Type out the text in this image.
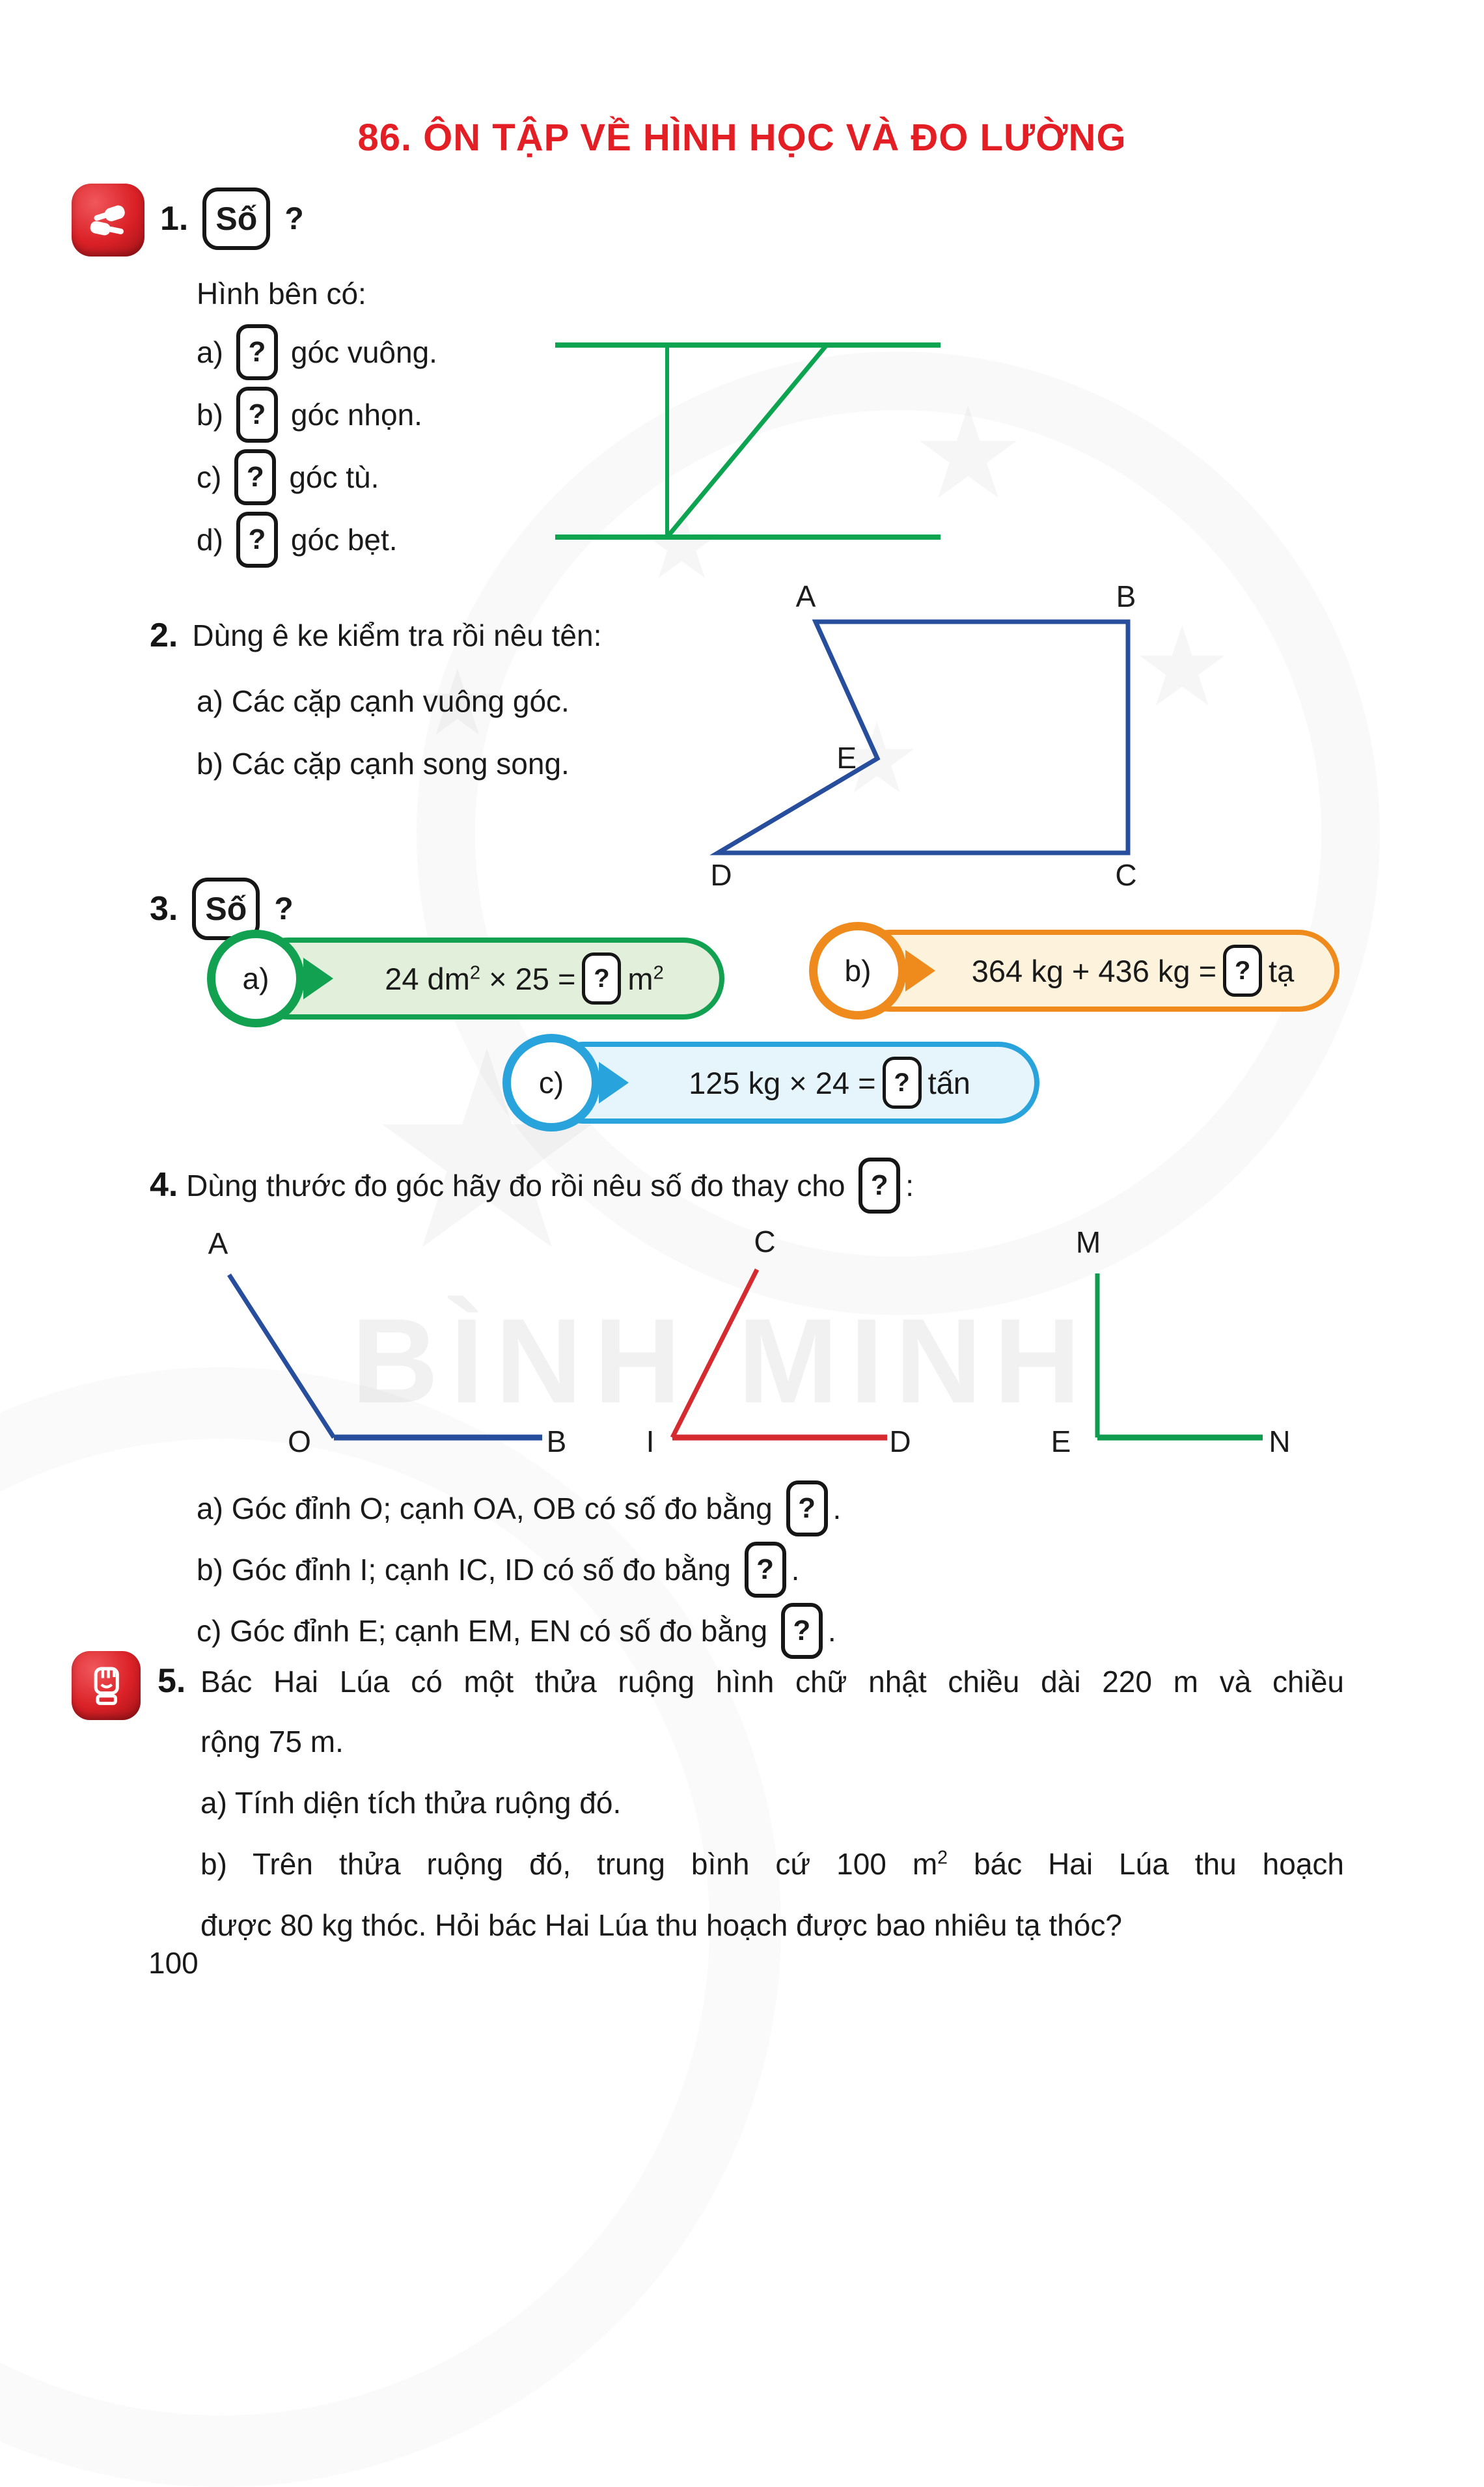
BÌNH MINH
86. ÔN TẬP VỀ HÌNH HỌC VÀ ĐO LƯỜNG
1. Số ?
Hình bên có:
a) ? góc vuông.
b) ? góc nhọn.
c) ? góc tù.
d) ? góc bẹt.
2. Dùng ê ke kiểm tra rồi nêu tên:
a) Các cặp cạnh vuông góc.
b) Các cặp cạnh song song.
A	B
C
D
E
3. Số ?
a)	24 $dm^2 \times 25$ = ? $m^2$	b)	364 kg + 436 kg = ? tạ
c)	125 kg × 24 = ? tấn
4. Dùng thước đo góc hãy đo rồi nêu số đo thay cho ? :
A
O	B
C
I	D
M
E	N
a) Góc đỉnh O; cạnh OA, OB có số đo bằng ? .
b) Góc đỉnh I; cạnh IC, ID có số đo bằng ? .
c) Góc đỉnh E; cạnh EM, EN có số đo bằng ? .
5. Bác Hai Lúa có một thửa ruộng hình chữ nhật chiều dài 220 m và chiều
rộng 75 m.
a) Tính diện tích thửa ruộng đó.
b) Trên thửa ruộng đó, trung bình cứ 100 $m^2$ bác Hai Lúa thu hoạch
được 80 kg thóc. Hỏi bác Hai Lúa thu hoạch được bao nhiêu tạ thóc?
100
